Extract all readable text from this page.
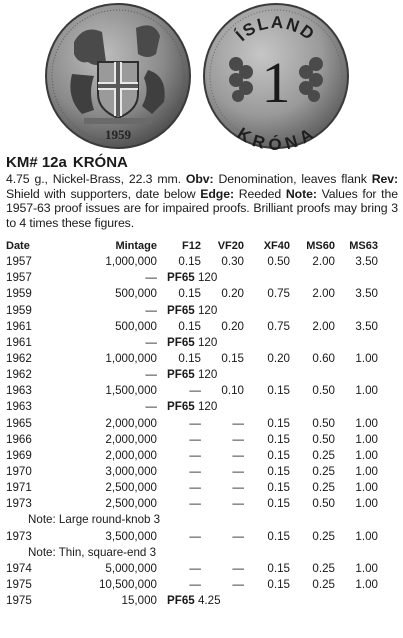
1959
ÍSLAND
KRÓNA
1

KM# 12a KRÓNA

4.75 g., Nickel-Brass, 22.3 mm. Obv: Denomination, leaves flank Rev: Shield with supporters, date below Edge: Reeded Note: Values for the 1957-63 proof issues are for impaired proofs. Brilliant proofs may bring 3 to 4 times these figures.

Date	Mintage	F12	VF20	XF40	MS60	MS63
1957	1,000,000	0.15	0.30	0.50	2.00	3.50
1957	—	PF65 120				
1959	500,000	0.15	0.20	0.75	2.00	3.50
1959	—	PF65 120				
1961	500,000	0.15	0.20	0.75	2.00	3.50
1961	—	PF65 120				
1962	1,000,000	0.15	0.15	0.20	0.60	1.00
1962	—	PF65 120				
1963	1,500,000	—	0.10	0.15	0.50	1.00
1963	—	PF65 120				
1965	2,000,000	—	—	0.15	0.50	1.00
1966	2,000,000	—	—	0.15	0.50	1.00
1969	2,000,000	—	—	0.15	0.25	1.00
1970	3,000,000	—	—	0.15	0.25	1.00
1971	2,500,000	—	—	0.15	0.25	1.00
1973	2,500,000	—	—	0.15	0.50	1.00
Note: Large round-knob 3						
1973	3,500,000	—	—	0.15	0.25	1.00
Note: Thin, square-end 3						
1974	5,000,000	—	—	0.15	0.25	1.00
1975	10,500,000	—	—	0.15	0.25	1.00
1975	15,000	PF65 4.25				
